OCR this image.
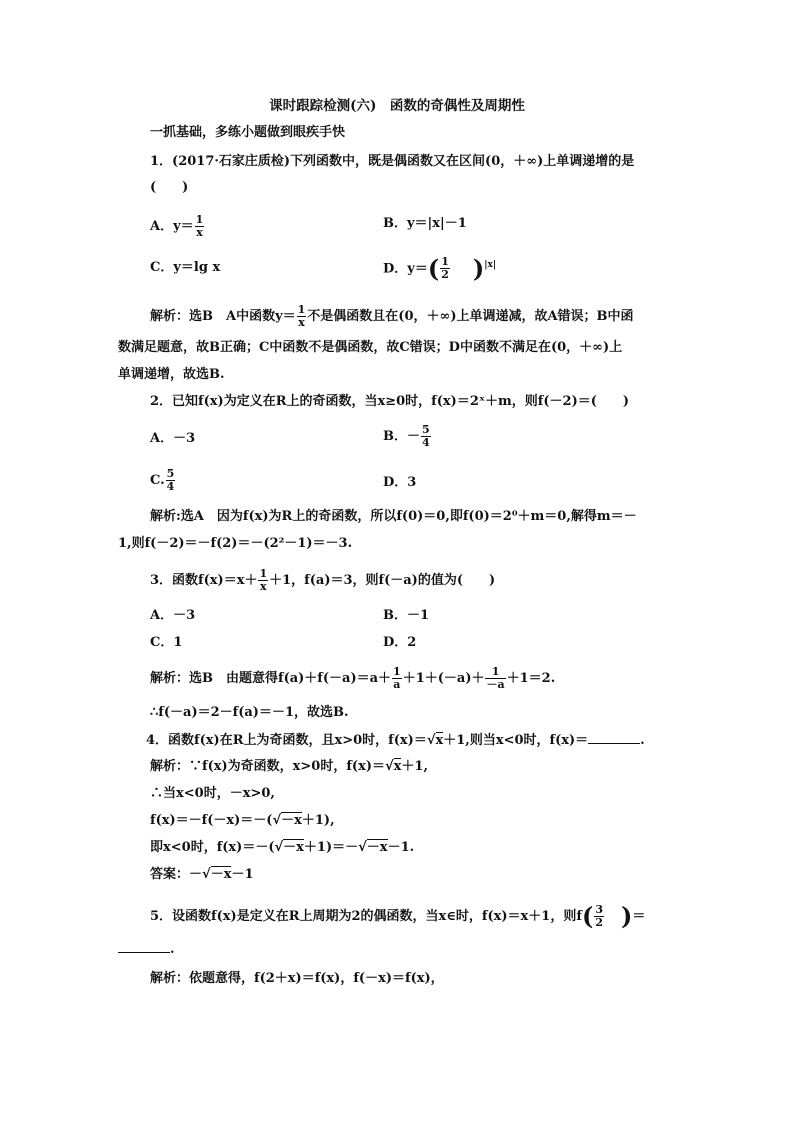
课时跟踪检测(六)　函数的奇偶性及周期性
一抓基础，多练小题做到眼疾手快
1．(2017·石家庄质检)下列函数中，既是偶函数又在区间(0，＋∞)上单调递增的是
(　　)
A．$y= \frac{1}{x}$	B．y＝|x|－1
C．y＝lg x	D．$y=( \frac{1}{2} )^{|x|}$
解析：选B　A中函数$y= \frac{1}{x}$ 不是偶函数且在(0，＋∞)上单调递减，故A错误；B中函
数满足题意，故B正确；C中函数不是偶函数，故C错误；D中函数不满足在(0，＋∞)上
单调递增，故选B.
2．已知f(x)为定义在R上的奇函数，当x≥0时，f(x)＝2ˣ＋m，则f(－2)＝(　　)
A．－3	B．－ $\frac{5}{4}$
C. $\frac{5}{4}$	D．3
解析:选A　因为f(x)为R上的奇函数，所以f(0)＝0,即f(0)＝2⁰＋m＝0,解得m＝－
1,则f(－2)＝－f(2)＝－(2²－1)＝－3.
3．函数$f(x)=x+ \frac{1}{x} +1$，f(a)＝3，则f(－a)的值为(　　)
A．－3	B．－1
C．1	D．2
解析：选B　由题意得$f(a)+f(-a)=a+ \frac{1}{a} +1+(-a)+ \frac{1}{-a} +1=2$.
∴f(－a)＝2－f(a)＝－1，故选B.
4．函数f(x)在R上为奇函数，且x>0时，f(x)＝√x＋1,则当x<0时，f(x)＝	.
解析：∵f(x)为奇函数，x>0时，f(x)＝√x＋1,
∴当x<0时，－x>0,
f(x)＝－f(－x)＝－(√－x＋1),
即x<0时，f(x)＝－(√－x＋1)＝－√－x－1.
答案：－√－x－1
5．设函数f(x)是定义在R上周期为2的偶函数，当x∈时，f(x)＝x＋1，则$f( \frac{3}{2}$ )＝
.
解析：依题意得，f(2＋x)＝f(x)，f(－x)＝f(x)，
